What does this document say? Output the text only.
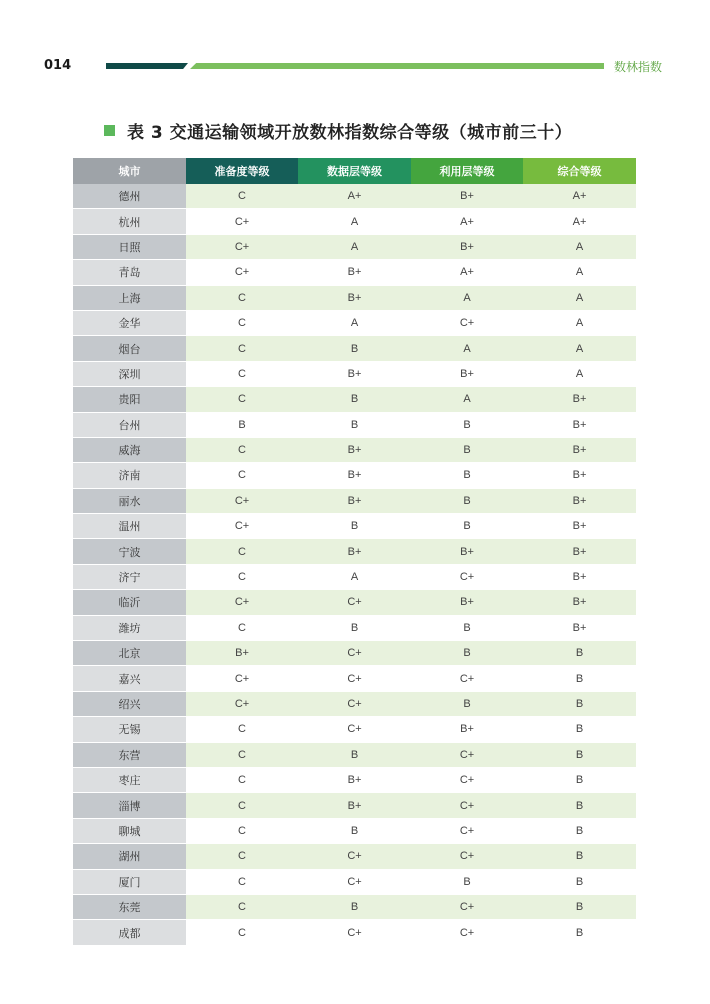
014	数林指数
表 3 交通运输领域开放数林指数综合等级（城市前三十）
城市	准备度等级	数据层等级	利用层等级	综合等级
德州	C	A+	B+	A+
杭州	C+	A	A+	A+
日照	C+	A	B+	A
青岛	C+	B+	A+	A
上海	C	B+	A	A
金华	C	A	C+	A
烟台	C	B	A	A
深圳	C	B+	B+	A
贵阳	C	B	A	B+
台州	B	B	B	B+
威海	C	B+	B	B+
济南	C	B+	B	B+
丽水	C+	B+	B	B+
温州	C+	B	B	B+
宁波	C	B+	B+	B+
济宁	C	A	C+	B+
临沂	C+	C+	B+	B+
潍坊	C	B	B	B+
北京	B+	C+	B	B
嘉兴	C+	C+	C+	B
绍兴	C+	C+	B	B
无锡	C	C+	B+	B
东营	C	B	C+	B
枣庄	C	B+	C+	B
淄博	C	B+	C+	B
聊城	C	B	C+	B
湖州	C	C+	C+	B
厦门	C	C+	B	B
东莞	C	B	C+	B
成都	C	C+	C+	B
